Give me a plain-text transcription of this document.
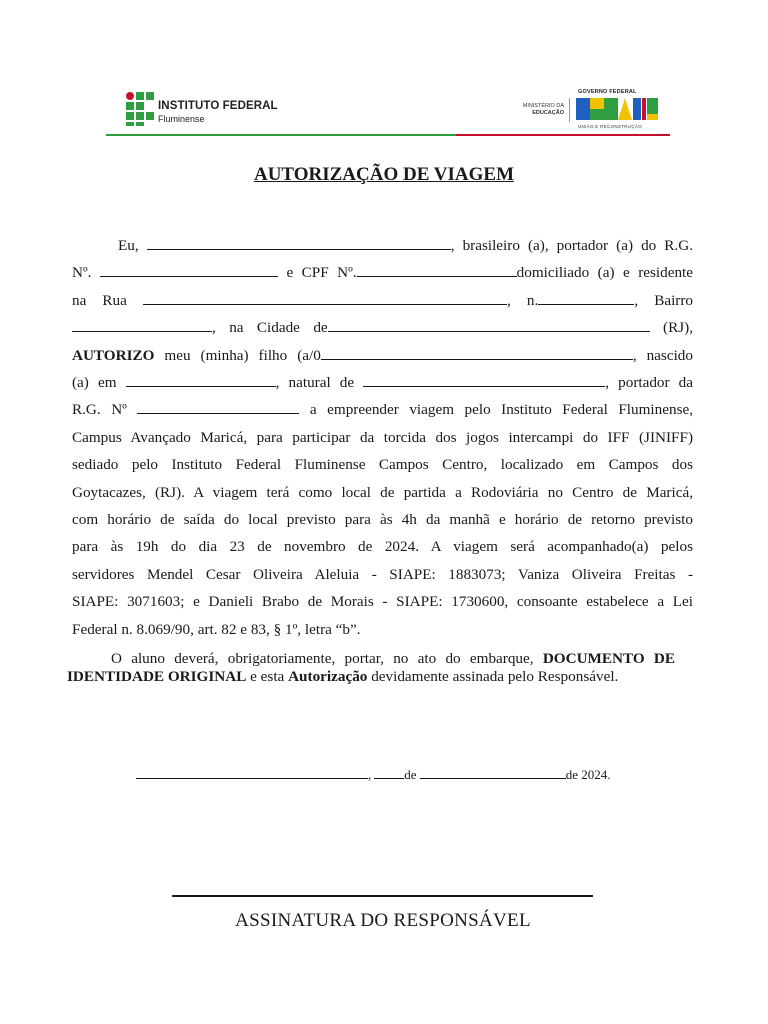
INSTITUTO FEDERAL
Fluminense
MINISTÉRIO DA
EDUCAÇÃO
GOVERNO FEDERAL
UNIÃO E RECONSTRUÇÃO
AUTORIZAÇÃO DE VIAGEM
Eu,	, brasileiro (a), portador (a) do R.G.
Nº.	e CPF Nº.	domiciliado (a) e residente
na Rua	, n.	, Bairro
, na Cidade de	(RJ),
AUTORIZO meu (minha) filho (a/0	, nascido
(a) em	, natural de	, portador da
R.G. Nº	a empreender viagem pelo Instituto Federal Fluminense,
Campus Avançado Maricá, para participar da torcida dos jogos intercampi do IFF (JINIFF)
sediado pelo Instituto Federal Fluminense Campos Centro, localizado em Campos dos
Goytacazes, (RJ). A viagem terá como local de partida a Rodoviária no Centro de Maricá,
com horário de saída do local previsto para às 4h da manhã e horário de retorno previsto
para às 19h do dia 23 de novembro de 2024. A viagem será acompanhado(a) pelos
servidores Mendel Cesar Oliveira Aleluia - SIAPE: 1883073; Vaniza Oliveira Freitas -
SIAPE: 3071603; e Danieli Brabo de Morais - SIAPE: 1730600, consoante estabelece a Lei
Federal n. 8.069/90, art. 82 e 83, § 1º, letra “b”.
O aluno deverá, obrigatoriamente, portar, no ato do embarque, DOCUMENTO DE
IDENTIDADE ORIGINAL e esta Autorização devidamente assinada pelo Responsável.
,	de	de 2024.
ASSINATURA DO RESPONSÁVEL
